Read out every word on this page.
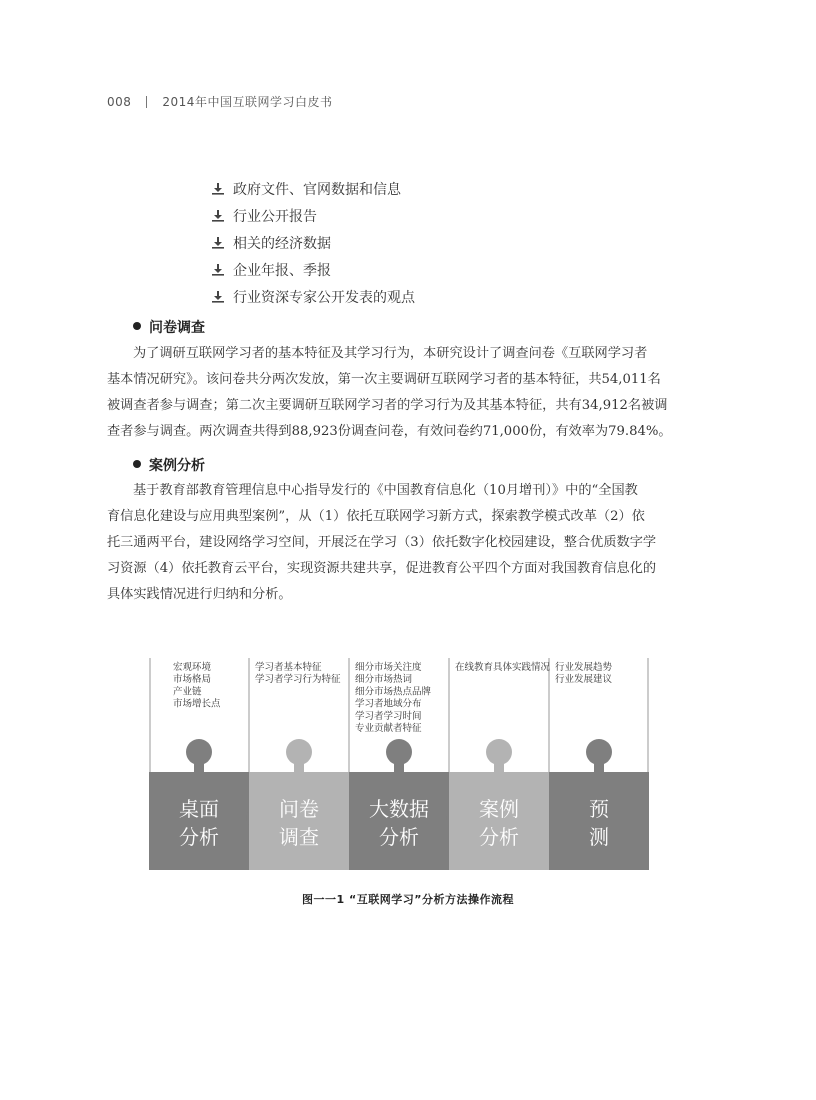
008	2014年中国互联网学习白皮书
政府文件、官网数据和信息
行业公开报告
相关的经济数据
企业年报、季报
行业资深专家公开发表的观点
问卷调查
为了调研互联网学习者的基本特征及其学习行为，本研究设计了调查问卷《互联网学习者
基本情况研究》。该问卷共分两次发放，第一次主要调研互联网学习者的基本特征，共54,011名
被调查者参与调查；第二次主要调研互联网学习者的学习行为及其基本特征，共有34,912名被调
查者参与调查。两次调查共得到88,923份调查问卷，有效问卷约71,000份，有效率为79.84%。
案例分析
基于教育部教育管理信息中心指导发行的《中国教育信息化（10月增刊）》中的“全国教
育信息化建设与应用典型案例”，从（1）依托互联网学习新方式，探索教学模式改革（2）依
托三通两平台，建设网络学习空间，开展泛在学习（3）依托数字化校园建设，整合优质数字学
习资源（4）依托教育云平台，实现资源共建共享，促进教育公平四个方面对我国教育信息化的
具体实践情况进行归纳和分析。
宏观环境市场格局产业链市场增长点
桌面
分析
学习者基本特征学习者学习行为特征
问卷
调查
细分市场关注度细分市场热词细分市场热点品牌学习者地域分布学习者学习时间专业贡献者特征
大数据
分析
在线教育具体实践情况
案例
分析
行业发展趋势行业发展建议
预
测
图一一1 “互联网学习”分析方法操作流程
